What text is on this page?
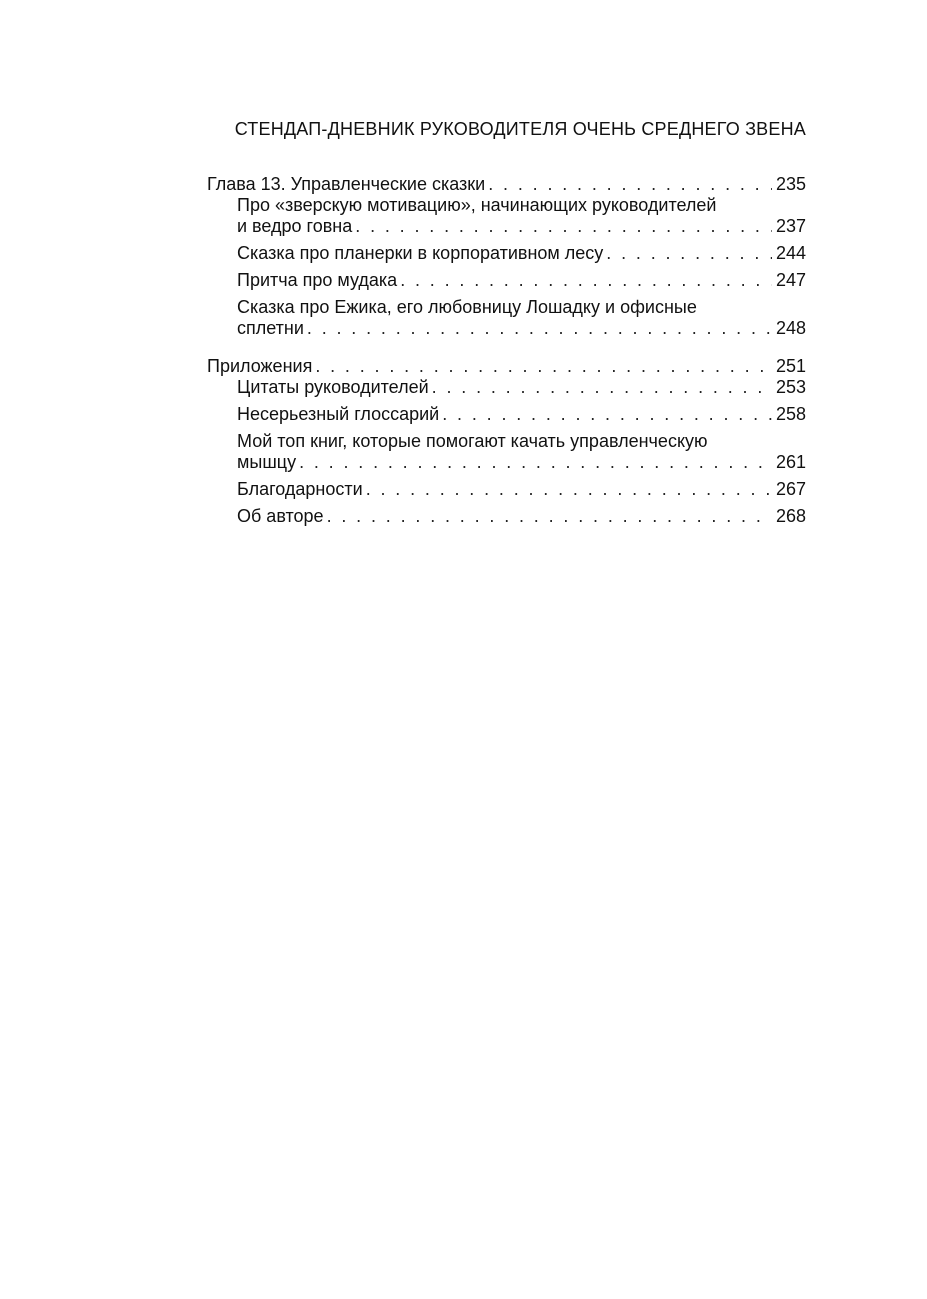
СТЕНДАП-ДНЕВНИК РУКОВОДИТЕЛЯ ОЧЕНЬ СРЕДНЕГО ЗВЕНА
Глава 13. Управленческие сказки . . .	235
Про «зверскую мотивацию», начинающих руководителей
и ведро говна . . .	237
Сказка про планерки в корпоративном лесу . . .	244
Притча про мудака . . .	247
Сказка про Ежика, его любовницу Лошадку и офисные
сплетни . . .	248
Приложения . . .	251
Цитаты руководителей . . .	253
Несерьезный глоссарий . . .	258
Мой топ книг, которые помогают качать управленческую
мышцу . . .	261
Благодарности . . .	267
Об авторе . . .	268
